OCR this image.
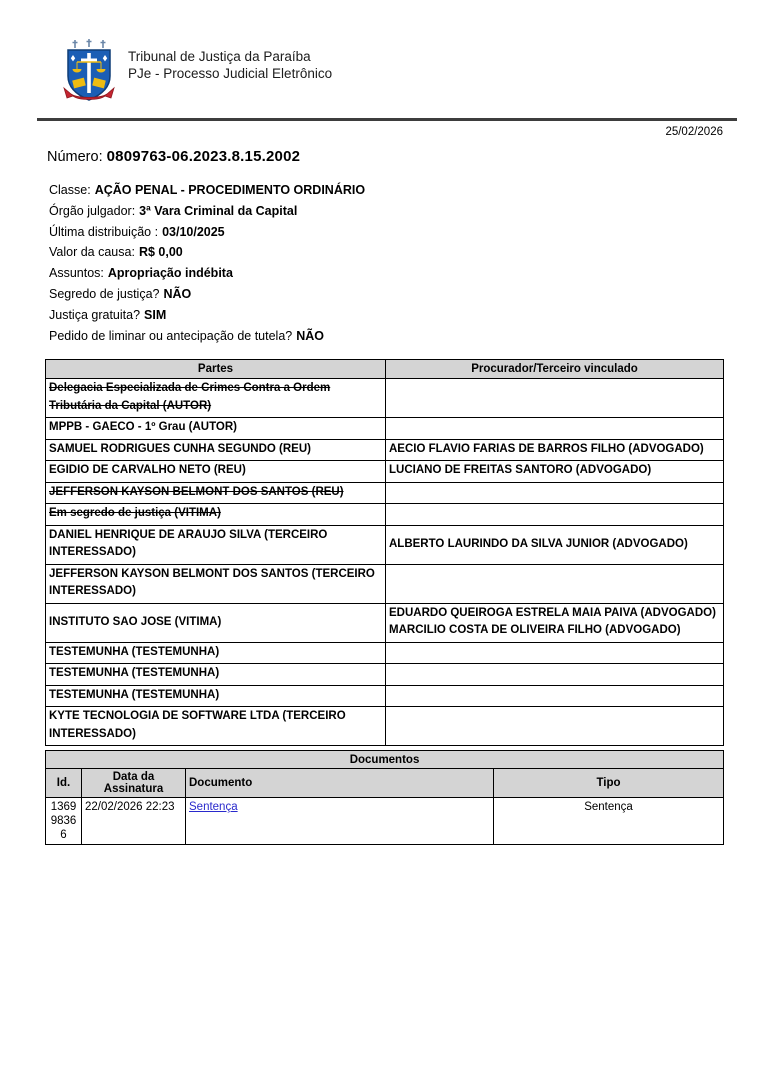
Tribunal de Justiça da Paraíba
PJe - Processo Judicial Eletrônico
25/02/2026
Número: 0809763-06.2023.8.15.2002
Classe: AÇÃO PENAL - PROCEDIMENTO ORDINÁRIO
Órgão julgador: 3ª Vara Criminal da Capital
Última distribuição : 03/10/2025
Valor da causa: R$ 0,00
Assuntos: Apropriação indébita
Segredo de justiça? NÃO
Justiça gratuita? SIM
Pedido de liminar ou antecipação de tutela? NÃO
Partes	Procurador/Terceiro vinculado
Delegacia Especializada de Crimes Contra a Ordem Tributária da Capital (AUTOR)	
MPPB - GAECO - 1º Grau (AUTOR)	
SAMUEL RODRIGUES CUNHA SEGUNDO (REU)	AECIO FLAVIO FARIAS DE BARROS FILHO (ADVOGADO)

EGIDIO DE CARVALHO NETO (REU)	LUCIANO DE FREITAS SANTORO (ADVOGADO)

JEFFERSON KAYSON BELMONT DOS SANTOS (REU)	
Em segredo de justiça (VITIMA)	
DANIEL HENRIQUE DE ARAUJO SILVA (TERCEIRO INTERESSADO)	ALBERTO LAURINDO DA SILVA JUNIOR (ADVOGADO)

JEFFERSON KAYSON BELMONT DOS SANTOS (TERCEIRO INTERESSADO)	
INSTITUTO SAO JOSE (VITIMA)	EDUARDO QUEIROGA ESTRELA MAIA PAIVA (ADVOGADO)
MARCILIO COSTA DE OLIVEIRA FILHO (ADVOGADO)

TESTEMUNHA (TESTEMUNHA)	
TESTEMUNHA (TESTEMUNHA)	
TESTEMUNHA (TESTEMUNHA)	
KYTE TECNOLOGIA DE SOFTWARE LTDA (TERCEIRO INTERESSADO)	
Documentos			
Id.	Data da Assinatura	Documento	Tipo
136998366	22/02/2026 22:23	Sentença	Sentença
